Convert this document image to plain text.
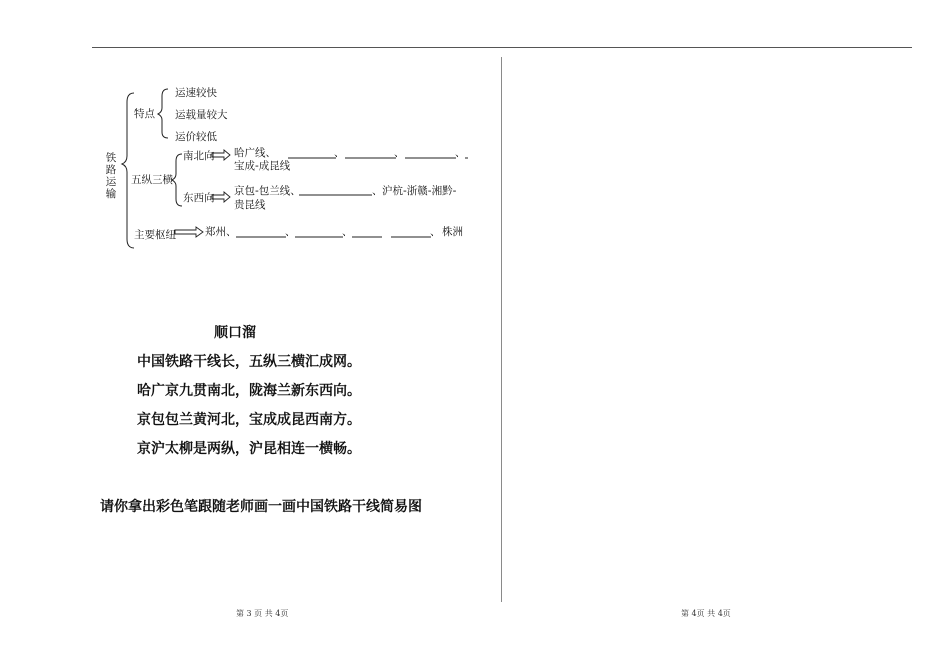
铁路运输
特点
运速较快
运载量较大
运价较低
五纵三横
南北向 哈广线、	、	、	、
宝成-成昆线
东西向
京包-包兰线、	、 沪杭-浙赣-湘黔-
贵昆线
主要枢纽	郑州、	、	、	、 株洲
顺口溜
中国铁路干线长，五纵三横汇成网。
哈广京九贯南北，陇海兰新东西向。
京包包兰黄河北，宝成成昆西南方。
京沪太柳是两纵，沪昆相连一横畅。
请你拿出彩色笔跟随老师画一画中国铁路干线简易图
第 3 页 共 4页	第 4页 共 4页
